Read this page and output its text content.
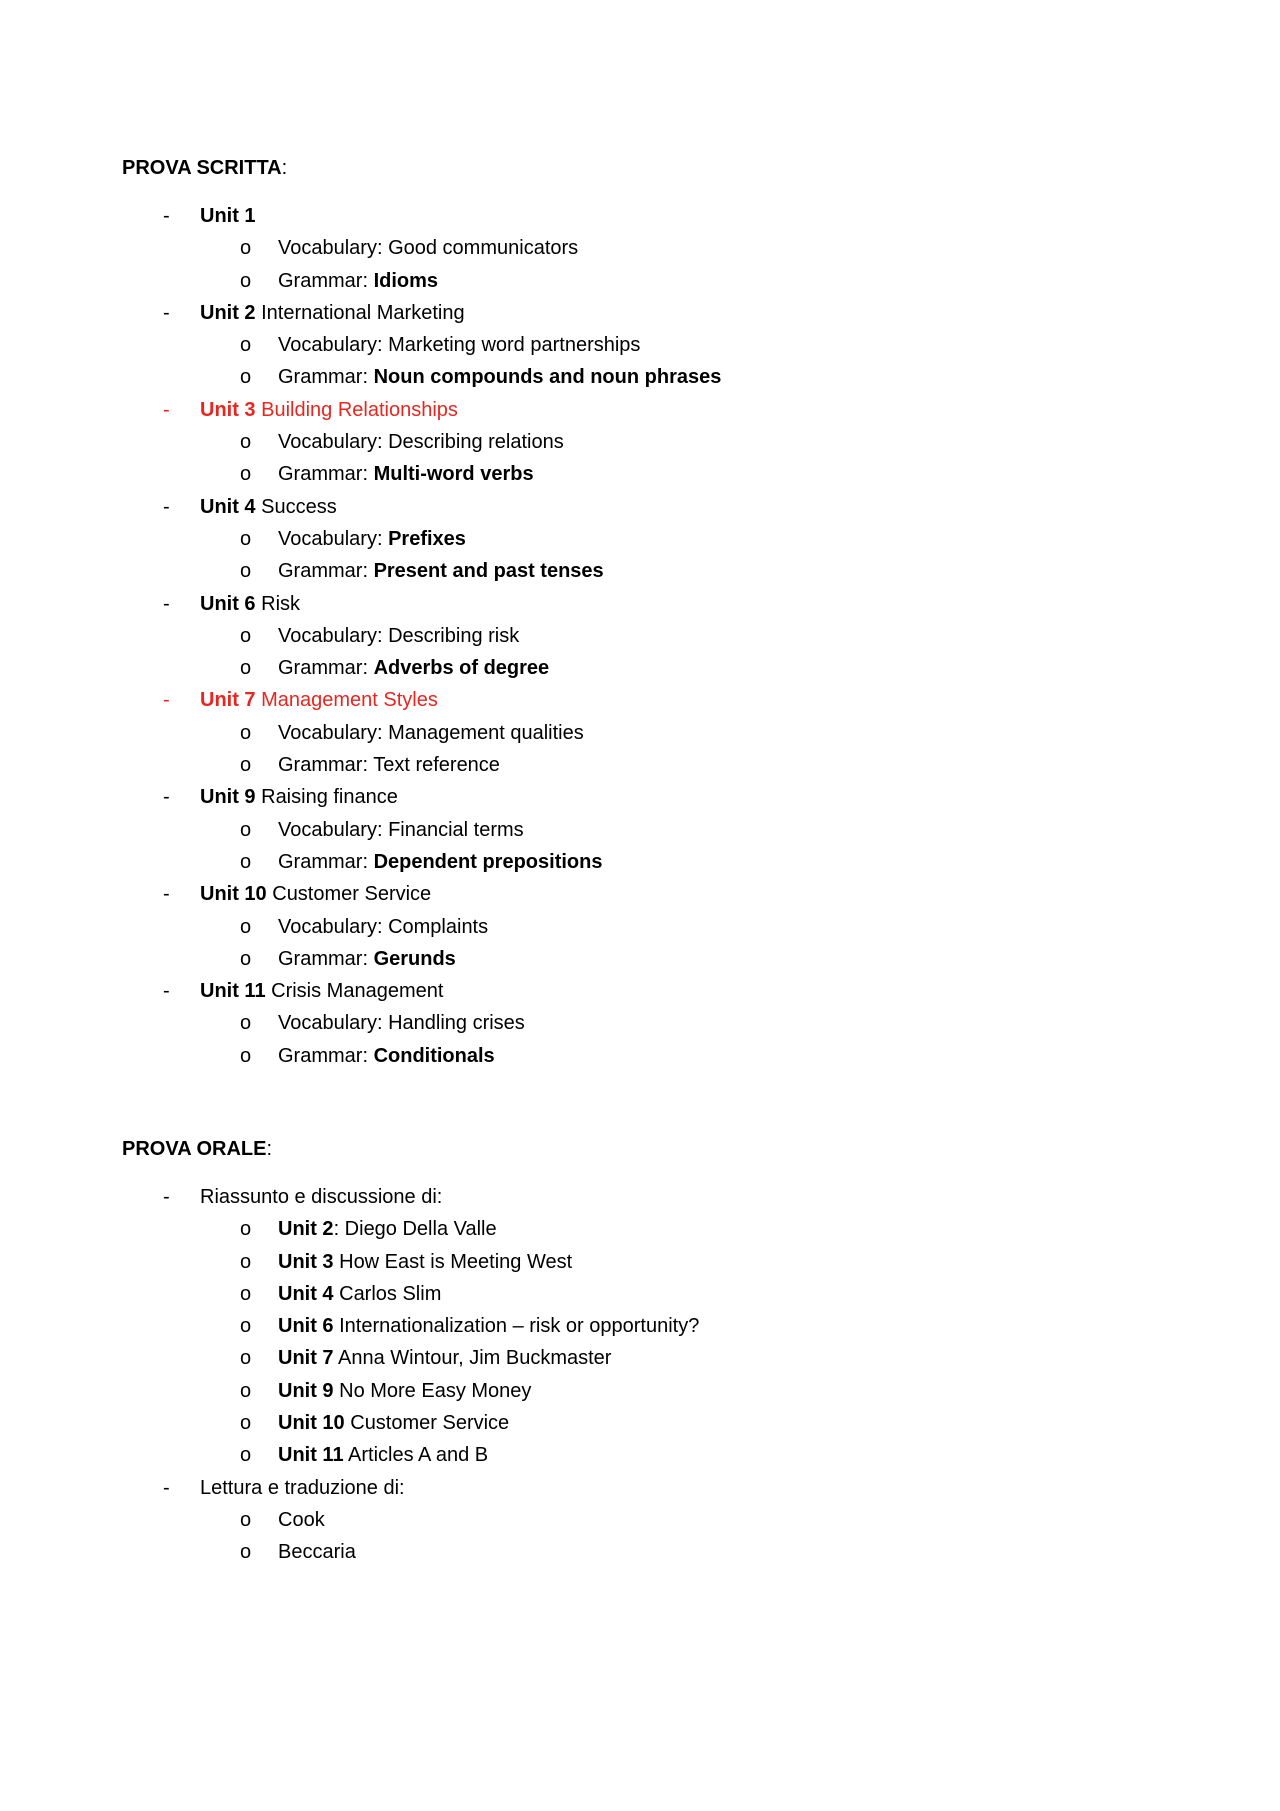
PROVA SCRITTA:
- Unit 1
o Vocabulary: Good communicators
o Grammar: Idioms
- Unit 2 International Marketing
o Vocabulary: Marketing word partnerships
o Grammar: Noun compounds and noun phrases
- Unit 3 Building Relationships
o Vocabulary: Describing relations
o Grammar: Multi-word verbs
- Unit 4 Success
o Vocabulary: Prefixes
o Grammar: Present and past tenses
- Unit 6 Risk
o Vocabulary: Describing risk
o Grammar: Adverbs of degree
- Unit 7 Management Styles
o Vocabulary: Management qualities
o Grammar: Text reference
- Unit 9 Raising finance
o Vocabulary: Financial terms
o Grammar: Dependent prepositions
- Unit 10 Customer Service
o Vocabulary: Complaints
o Grammar: Gerunds
- Unit 11 Crisis Management
o Vocabulary: Handling crises
o Grammar: Conditionals
PROVA ORALE:
- Riassunto e discussione di:
o Unit 2: Diego Della Valle
o Unit 3 How East is Meeting West
o Unit 4 Carlos Slim
o Unit 6 Internationalization – risk or opportunity?
o Unit 7 Anna Wintour, Jim Buckmaster
o Unit 9 No More Easy Money
o Unit 10 Customer Service
o Unit 11 Articles A and B
- Lettura e traduzione di:
o Cook
o Beccaria
